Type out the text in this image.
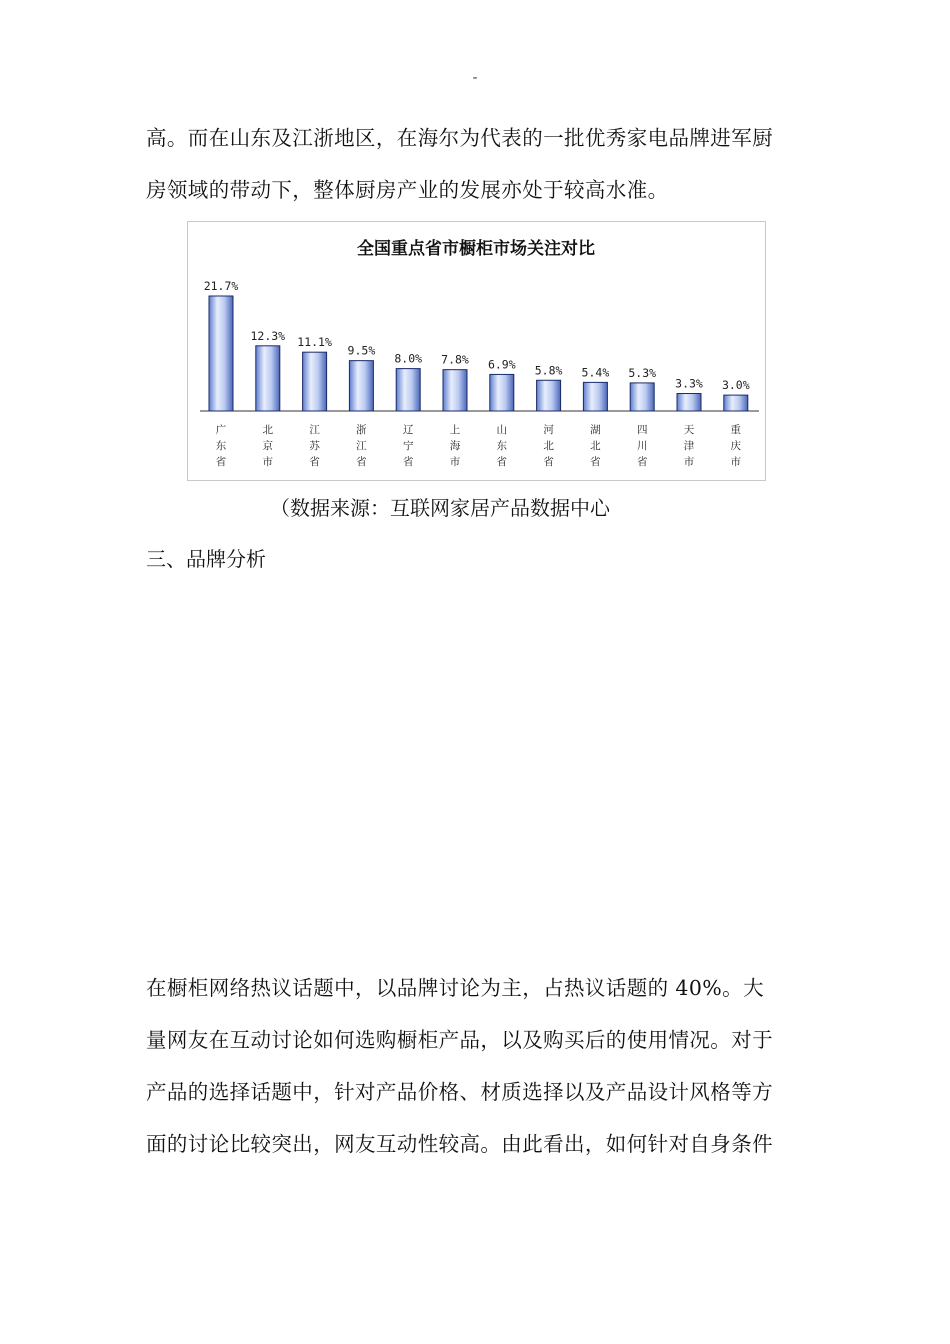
-

高。而在山东及江浙地区，在海尔为代表的一批优秀家电品牌进军厨

房领域的带动下，整体厨房产业的发展亦处于较高水准。

全国重点省市橱柜市场关注对比
21.7%
广东省
12.3%
北京市
11.1%
江苏省
9.5%
浙江省
8.0%
辽宁省
7.8%
上海市
6.9%
山东省
5.8%
河北省
5.4%
湖北省
5.3%
四川省
3.3%
天津市
3.0%
重庆市
（数据来源：互联网家居产品数据中心
三、品牌分析

在橱柜网络热议话题中，以品牌讨论为主，占热议话题的 40%。大

量网友在互动讨论如何选购橱柜产品，以及购买后的使用情况。对于

产品的选择话题中，针对产品价格、材质选择以及产品设计风格等方

面的讨论比较突出，网友互动性较高。由此看出，如何针对自身条件
